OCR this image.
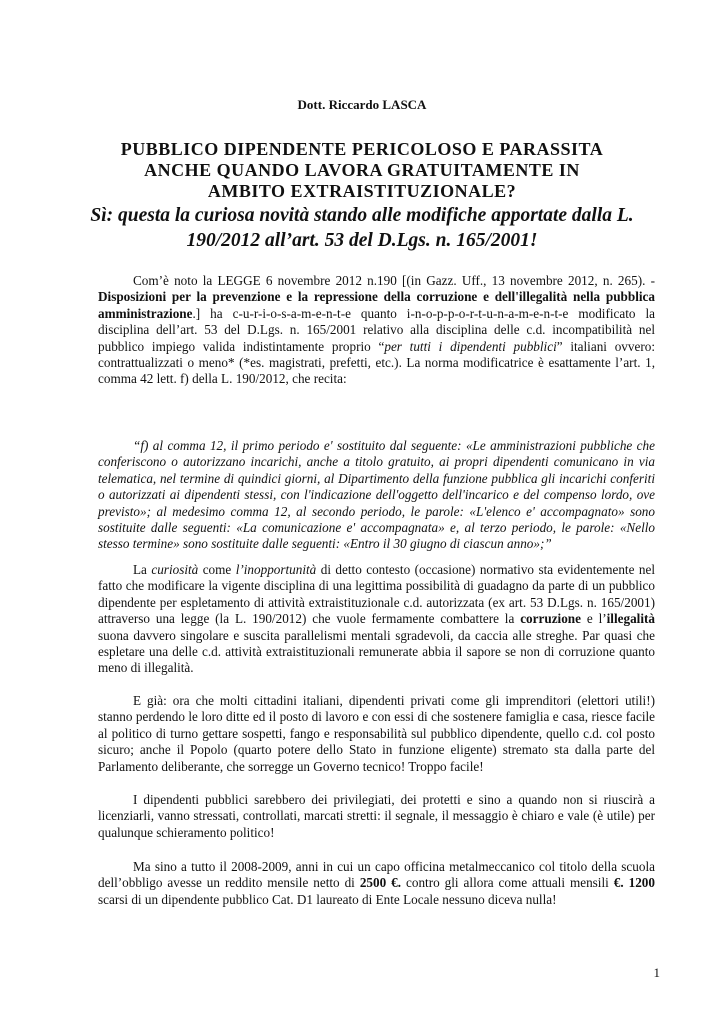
Dott. Riccardo LASCA
PUBBLICO DIPENDENTE PERICOLOSO E PARASSITA
ANCHE QUANDO LAVORA GRATUITAMENTE IN
AMBITO EXTRAISTITUZIONALE?
Sì: questa la curiosa novità stando alle modifiche apportate dalla L.
190/2012 all’art. 53 del D.Lgs. n. 165/2001!
Com’è noto la LEGGE 6 novembre 2012 n.190 [(in Gazz. Uff., 13 novembre 2012, n. 265). - Disposizioni per la prevenzione e la repressione della corruzione e dell'illegalità nella pubblica amministrazione.] ha c-u-r-i-o-s-a-m-e-n-t-e quanto i-n-o-p-p-o-r-t-u-n-a-m-e-n-t-e modificato la disciplina dell’art. 53 del D.Lgs. n. 165/2001 relativo alla disciplina delle c.d. incompatibilità nel pubblico impiego valida indistintamente proprio “per tutti i dipendenti pubblici” italiani ovvero: contrattualizzati o meno* (*es. magistrati, prefetti, etc.). La norma modificatrice è esattamente l’art. 1, comma 42 lett. f) della L. 190/2012, che recita:
“f) al comma 12, il primo periodo e' sostituito dal seguente: «Le amministrazioni pubbliche che conferiscono o autorizzano incarichi, anche a titolo gratuito, ai propri dipendenti comunicano in via telematica, nel termine di quindici giorni, al Dipartimento della funzione pubblica gli incarichi conferiti o autorizzati ai dipendenti stessi, con l'indicazione dell'oggetto dell'incarico e del compenso lordo, ove previsto»; al medesimo comma 12, al secondo periodo, le parole: «L'elenco e' accompagnato» sono sostituite dalle seguenti: «La comunicazione e' accompagnata» e, al terzo periodo, le parole: «Nello stesso termine» sono sostituite dalle seguenti: «Entro il 30 giugno di ciascun anno»;”
La curiosità come l’inopportunità di detto contesto (occasione) normativo sta evidentemente nel fatto che modificare la vigente disciplina di una legittima possibilità di guadagno da parte di un pubblico dipendente per espletamento di attività extraistituzionale c.d. autorizzata (ex art. 53 D.Lgs. n. 165/2001) attraverso una legge (la L. 190/2012) che vuole fermamente combattere la corruzione e l’illegalità suona davvero singolare e suscita parallelismi mentali sgradevoli, da caccia alle streghe. Par quasi che espletare una delle c.d. attività extraistituzionali remunerate abbia il sapore se non di corruzione quanto meno di illegalità.
E già: ora che molti cittadini italiani, dipendenti privati come gli imprenditori (elettori utili!) stanno perdendo le loro ditte ed il posto di lavoro e con essi di che sostenere famiglia e casa, riesce facile al politico di turno gettare sospetti, fango e responsabilità sul pubblico dipendente, quello c.d. col posto sicuro; anche il Popolo (quarto potere dello Stato in funzione eligente) stremato sta dalla parte del Parlamento deliberante, che sorregge un Governo tecnico! Troppo facile!
I dipendenti pubblici sarebbero dei privilegiati, dei protetti e sino a quando non si riuscirà a licenziarli, vanno stressati, controllati, marcati stretti: il segnale, il messaggio è chiaro e vale (è utile) per qualunque schieramento politico!
Ma sino a tutto il 2008-2009, anni in cui un capo officina metalmeccanico col titolo della scuola dell’obbligo avesse un reddito mensile netto di 2500 €. contro gli allora come attuali mensili €. 1200 scarsi di un dipendente pubblico Cat. D1 laureato di Ente Locale nessuno diceva nulla!
1
